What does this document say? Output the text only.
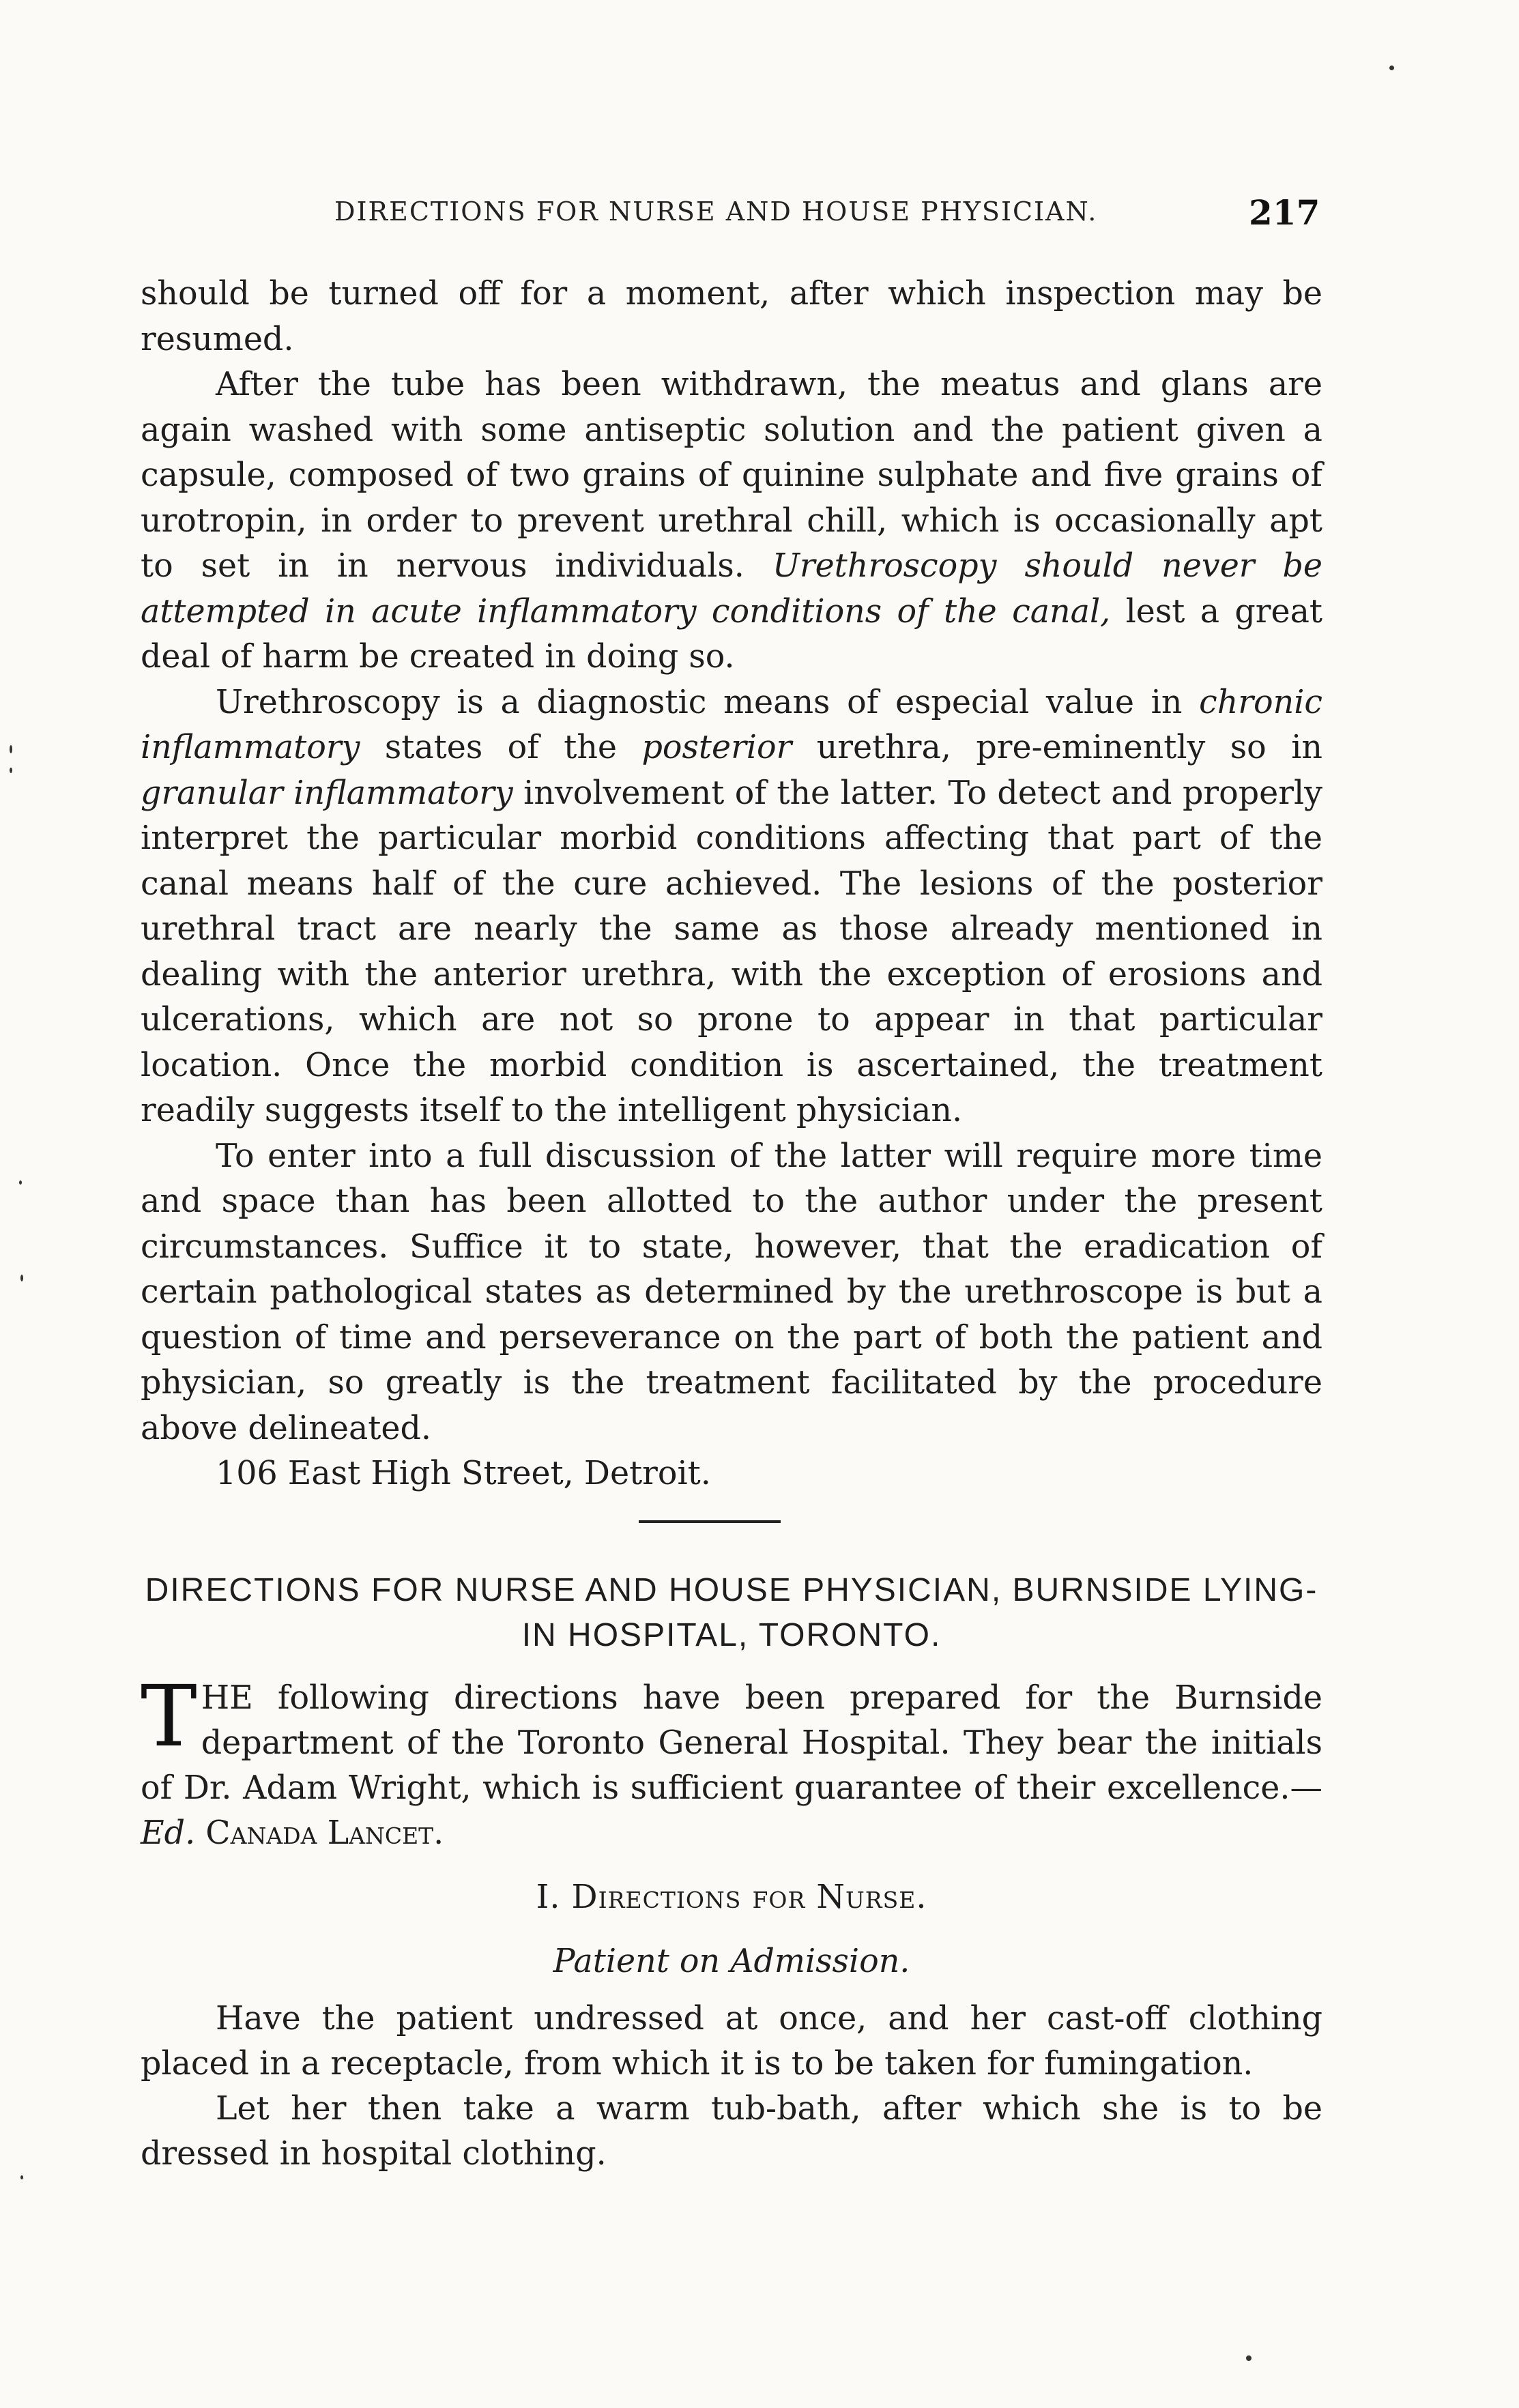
DIRECTIONS FOR NURSE AND HOUSE PHYSICIAN.	217

should be turned off for a moment, after which inspection may be resumed.

After the tube has been withdrawn, the meatus and glans are again washed with some antiseptic solution and the patient given a capsule, composed of two grains of quinine sulphate and five grains of urotropin, in order to prevent urethral chill, which is occasionally apt to set in in nervous individuals. Urethroscopy should never be attempted in acute inflammatory conditions of the canal, lest a great deal of harm be created in doing so.

Urethroscopy is a diagnostic means of especial value in chronic inflammatory states of the posterior urethra, pre-eminently so in granular inflammatory involvement of the latter. To detect and properly interpret the particular morbid conditions affecting that part of the canal means half of the cure achieved. The lesions of the posterior urethral tract are nearly the same as those already mentioned in dealing with the anterior urethra, with the exception of erosions and ulcerations, which are not so prone to appear in that particular location. Once the morbid condition is ascertained, the treatment readily suggests itself to the intelligent physician.

To enter into a full discussion of the latter will require more time and space than has been allotted to the author under the present circumstances. Suffice it to state, however, that the eradication of certain pathological states as determined by the urethroscope is but a question of time and perseverance on the part of both the patient and physician, so greatly is the treatment facilitated by the procedure above delineated.

106 East High Street, Detroit.

DIRECTIONS FOR NURSE AND HOUSE PHYSICIAN, BURNSIDE LYING-IN HOSPITAL, TORONTO.

THE following directions have been prepared for the Burnside department of the Toronto General Hospital. They bear the initials of Dr. Adam Wright, which is sufficient guarantee of their excellence.— Ed. Canada Lancet.

I. Directions for Nurse.

Patient on Admission.

Have the patient undressed at once, and her cast-off clothing placed in a receptacle, from which it is to be taken for fumingation.

Let her then take a warm tub-bath, after which she is to be dressed in hospital clothing.
